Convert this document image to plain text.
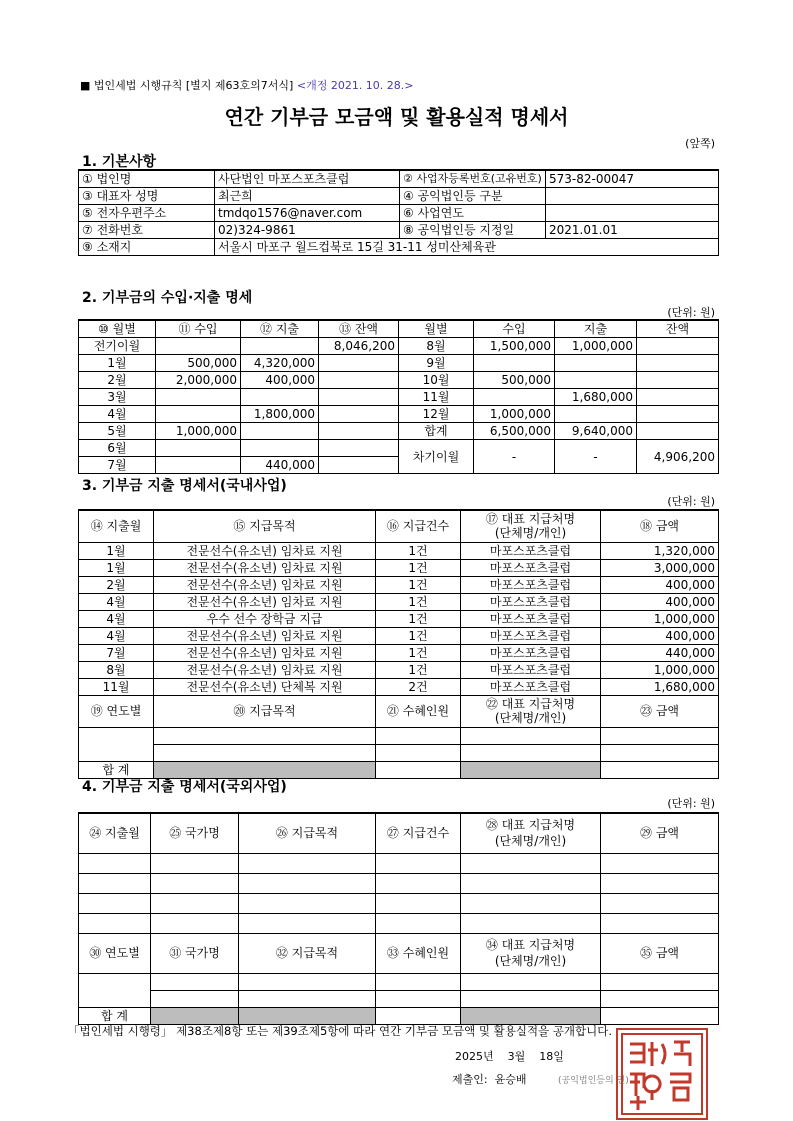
■ 법인세법 시행규칙 [별지 제63호의7서식] <개정 2021. 10. 28.>
연간 기부금 모금액 및 활용실적 명세서
(앞쪽)
1. 기본사항
① 법인명	사단법인 마포스포츠클럽	② 사업자등록번호(고유번호)	573-82-00047
③ 대표자 성명	최근희	④ 공익법인등 구분	
⑤ 전자우편주소	tmdqo1576@naver.com	⑥ 사업연도	
⑦ 전화번호	02)324-9861	⑧ 공익법인등 지정일	2021.01.01
⑨ 소재지	서울시 마포구 월드컵북로 15길 31-11 성미산체육관		
2. 기부금의 수입·지출 명세
(단위: 원)
⑩ 월별	⑪ 수입	⑫ 지출	⑬ 잔액	월별	수입	지출	잔액
전기이월			8,046,200	8월	1,500,000	1,000,000	
1월	500,000	4,320,000		9월			
2월	2,000,000	400,000		10월	500,000		
3월				11월		1,680,000	
4월		1,800,000		12월	1,000,000		
5월	1,000,000			합계	6,500,000	9,640,000	
6월				차기이월	-	-	4,906,200
7월		440,000					
3. 기부금 지출 명세서(국내사업)
(단위: 원)
⑭ 지출월	⑮ 지급목적	⑯ 지급건수	⑰ 대표 지급처명
(단체명/개인)	⑱ 금액
1월	전문선수(유소년) 임차료 지원	1건	마포스포츠클럽	1,320,000
1월	전문선수(유소년) 임차료 지원	1건	마포스포츠클럽	3,000,000
2월	전문선수(유소년) 임차료 지원	1건	마포스포츠클럽	400,000
4월	전문선수(유소년) 임차료 지원	1건	마포스포츠클럽	400,000
4월	우수 선수 장학금 지급	1건	마포스포츠클럽	1,000,000
4월	전문선수(유소년) 임차료 지원	1건	마포스포츠클럽	400,000
7월	전문선수(유소년) 임차료 지원	1건	마포스포츠클럽	440,000
8월	전문선수(유소년) 임차료 지원	1건	마포스포츠클럽	1,000,000
11월	전문선수(유소년) 단체복 지원	2건	마포스포츠클럽	1,680,000
⑲ 연도별	⑳ 지급목적	㉑ 수혜인원	㉒ 대표 지급처명
(단체명/개인)	㉓ 금액

합 계				
4. 기부금 지출 명세서(국외사업)
(단위: 원)
㉔ 지출월	㉕ 국가명	㉖ 지급목적	㉗ 지급건수	㉘ 대표 지급처명
(단체명/개인)	㉙ 금액

㉚ 연도별	㉛ 국가명	㉜ 지급목적	㉝ 수혜인원	㉞ 대표 지급처명
(단체명/개인)	㉟ 금액

합 계					
「법인세법 시행령」 제38조제8항 또는 제39조제5항에 따라 연간 기부금 모금액 및 활용실적을 공개합니다.
2025년    3월    18일
제출인:  윤승배	(공익법인등의 인)
